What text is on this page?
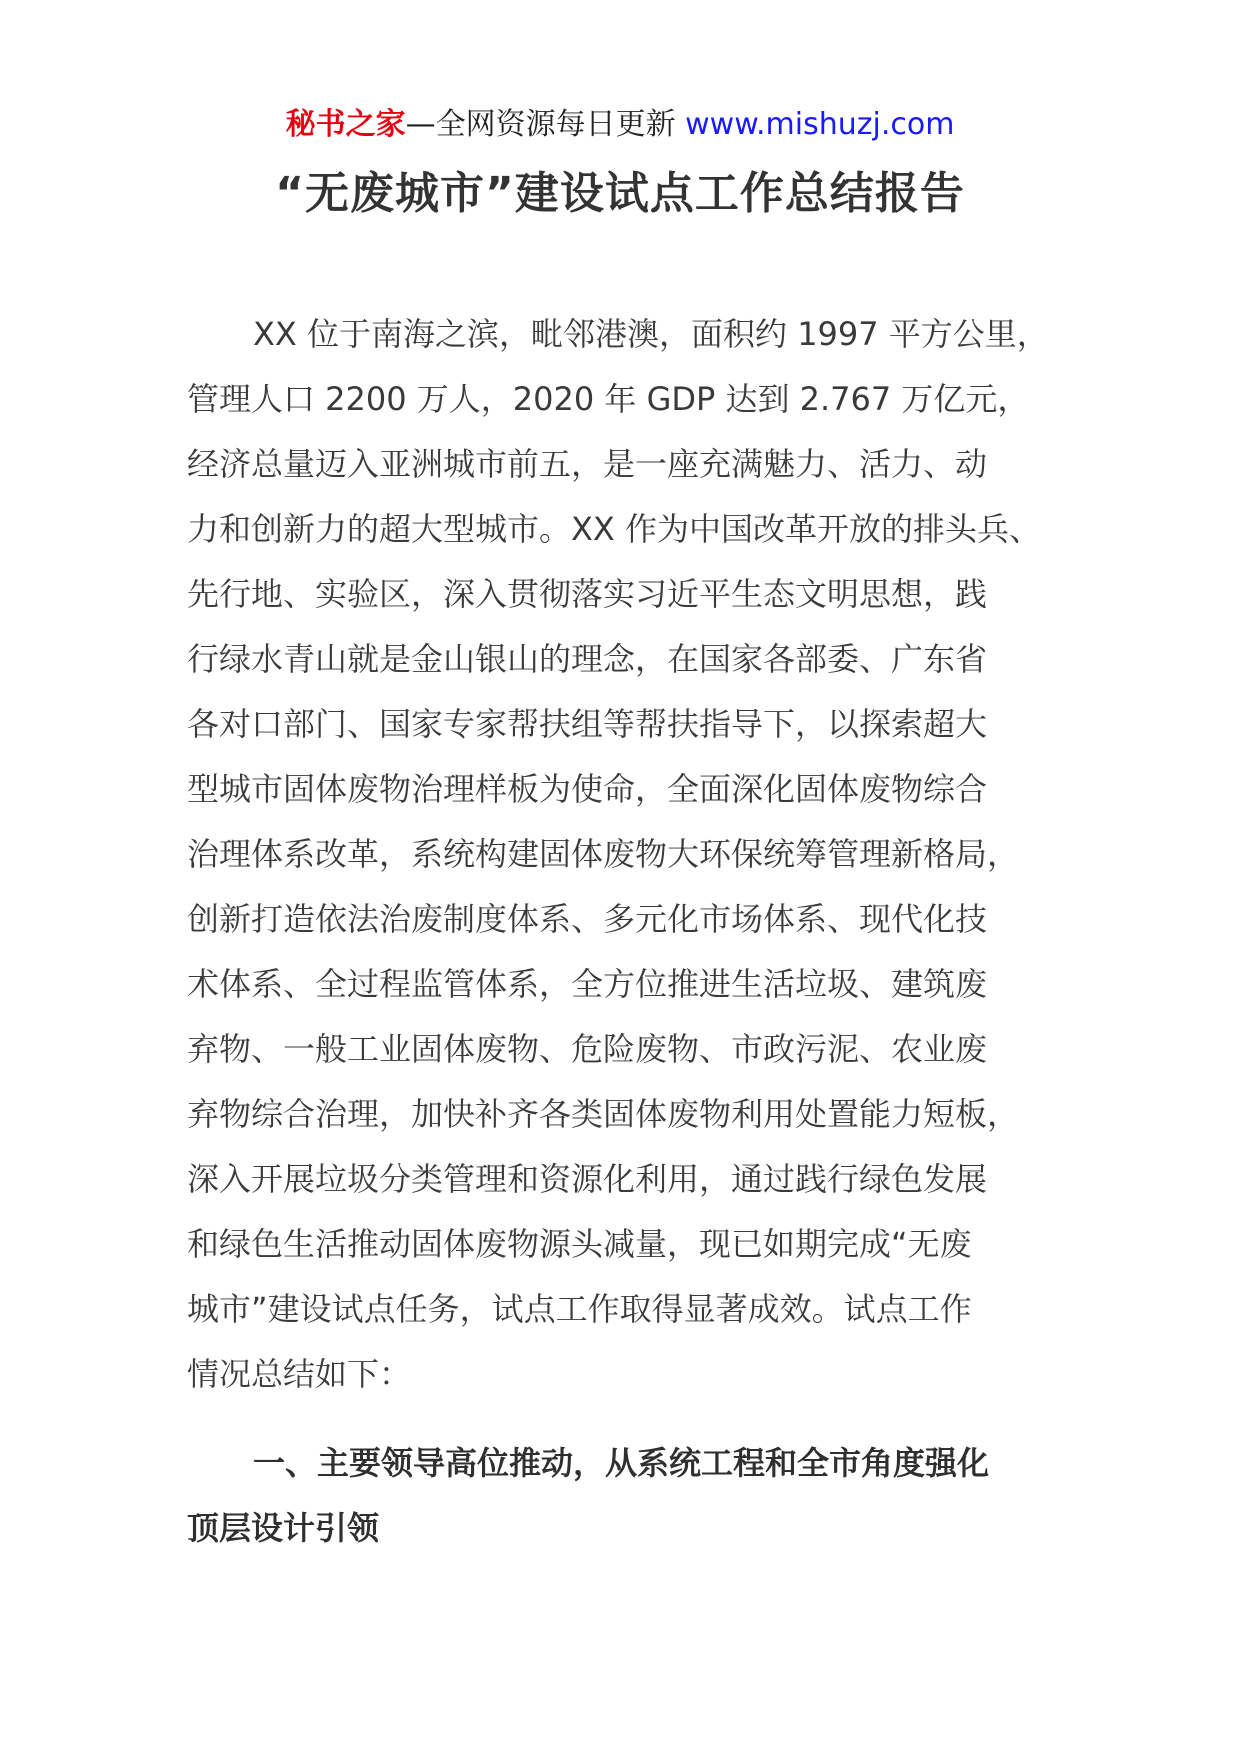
秘书之家—全网资源每日更新 www.mishuzj.com
“无废城市”建设试点工作总结报告
XX 位于南海之滨，毗邻港澳，面积约 1997 平方公里，
管理人口 2200 万人，2020 年 GDP 达到 2.767 万亿元，
经济总量迈入亚洲城市前五，是一座充满魅力、活力、动
力和创新力的超大型城市。XX 作为中国改革开放的排头兵、
先行地、实验区，深入贯彻落实习近平生态文明思想，践
行绿水青山就是金山银山的理念，在国家各部委、广东省
各对口部门、国家专家帮扶组等帮扶指导下，以探索超大
型城市固体废物治理样板为使命，全面深化固体废物综合
治理体系改革，系统构建固体废物大环保统筹管理新格局，
创新打造依法治废制度体系、多元化市场体系、现代化技
术体系、全过程监管体系，全方位推进生活垃圾、建筑废
弃物、一般工业固体废物、危险废物、市政污泥、农业废
弃物综合治理，加快补齐各类固体废物利用处置能力短板，
深入开展垃圾分类管理和资源化利用，通过践行绿色发展
和绿色生活推动固体废物源头减量，现已如期完成“无废
城市”建设试点任务，试点工作取得显著成效。试点工作
情况总结如下：
一、主要领导高位推动，从系统工程和全市角度强化
顶层设计引领
